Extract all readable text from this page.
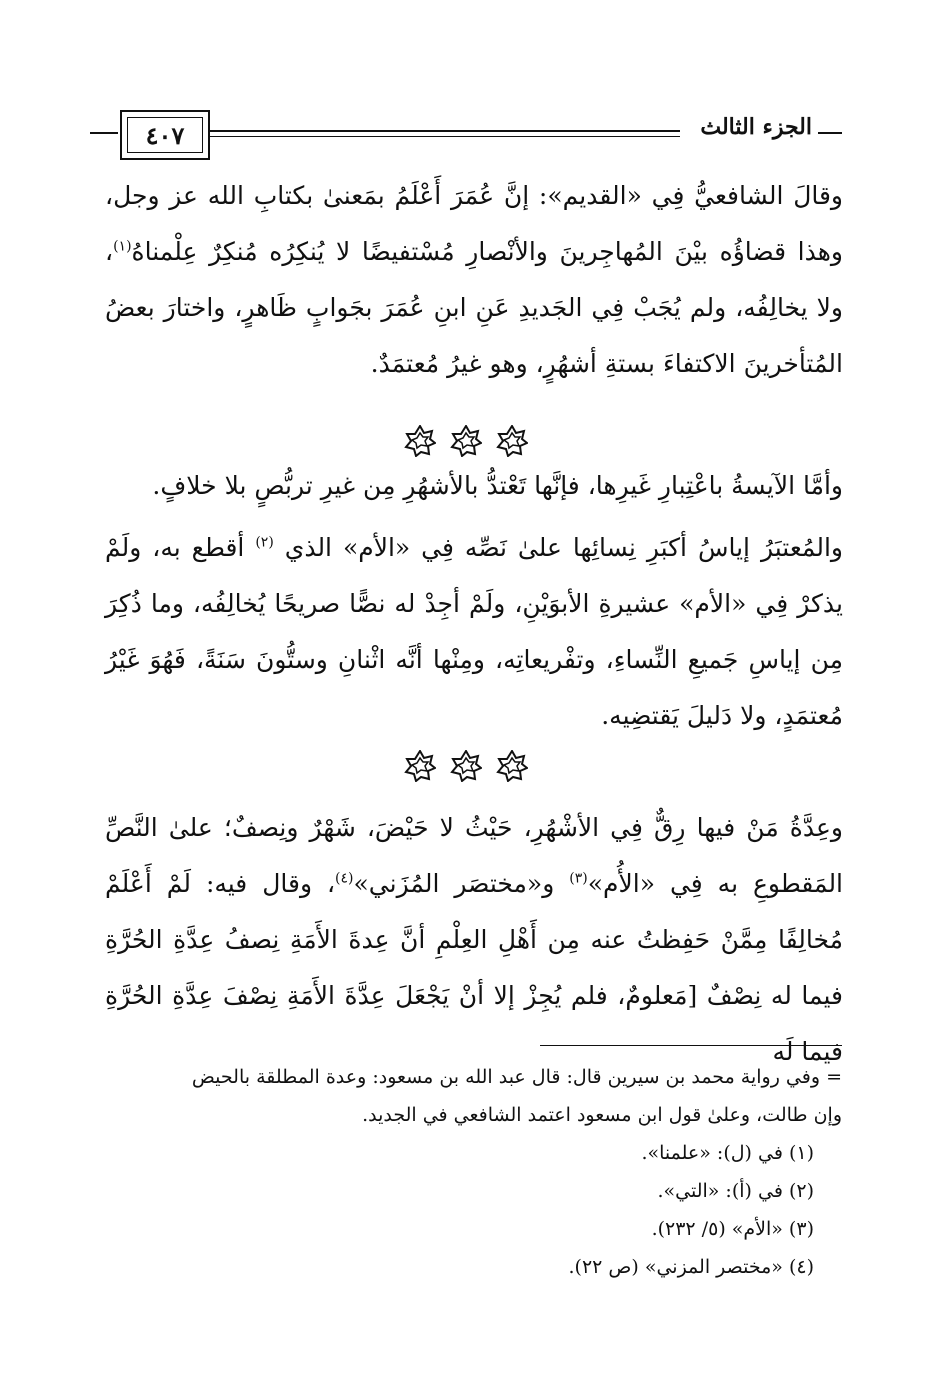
٤٠٧	الجزء الثالث

وقالَ الشافعيُّ فِي «القديم»: إنَّ عُمَرَ أَعْلَمُ بمَعنىٰ بكتابِ الله عز وجل، وهذا قضاؤُه بيْنَ المُهاجِرينَ والأنْصارِ مُسْتفيضًا لا يُنكِرُه مُنكِرٌ عِلْمناهُ$^{(١)}$، ولا يخالِفُه، ولم يُجَبْ فِي الجَديدِ عَنِ ابنِ عُمَرَ بجَوابٍ ظَاهرٍ، واختارَ بعضُ المُتأخرينَ الاكتفاءَ بستةِ أشهُرٍ، وهو غيرُ مُعتمَدٌ.

وأمَّا الآيسةُ باعْتِبارِ غَيرِها، فإنَّها تَعْتدُّ بالأشهُرِ مِن غيرِ تربُّصٍ بلا خلافٍ.

والمُعتبَرُ إياسُ أكبَرِ نِسائِها علىٰ نَصِّه فِي «الأم» الذي $^{(٢)}$ أقطع به، ولَمْ يذكرْ فِي «الأم» عشيرةِ الأبوَيْنِ، ولَمْ أجِدْ له نصًّا صريحًا يُخالِفُه، وما ذُكِرَ مِن إياسِ جَميعِ النِّساءِ، وتفْريعاتِه، ومِنْها أنَّه اثْنانِ وستُّونَ سَنَةً، فَهُوَ غَيْرُ مُعتمَدٍ، ولا دَليلَ يَقتضِيه.

وعِدَّةُ مَنْ فيها رِقٌّ فِي الأشْهُرِ، حَيْثُ لا حَيْضَ، شَهْرٌ ونِصفٌ؛ علىٰ النَّصِّ المَقطوعِ به فِي «الأُم»$^{(٣)}$ و«مختصَر المُزَني»$^{(٤)}$، وقال فيه: لَمْ أَعْلَمْ مُخالِفًا مِمَّنْ حَفِظتُ عنه مِن أَهْلِ العِلْمِ أنَّ عِدةَ الأَمَةِ نِصفُ عِدَّةِ الحُرَّةِ فيما له نِصْفٌ [مَعلومٌ، فلم يُجِزْ إلا أنْ يَجْعَلَ عِدَّةَ الأَمَةِ نِصْفَ عِدَّةِ الحُرَّةِ فيما لَه

= وفي رواية محمد بن سيرين قال: قال عبد الله بن مسعود: وعدة المطلقة بالحيض

وإن طالت، وعلىٰ قول ابن مسعود اعتمد الشافعي في الجديد.

(١) في (ل): «علمنا».

(٢) في (أ): «التي».

(٣) «الأم» (٥/ ٢٣٢).

(٤) «مختصر المزني» (ص ٢٢).
